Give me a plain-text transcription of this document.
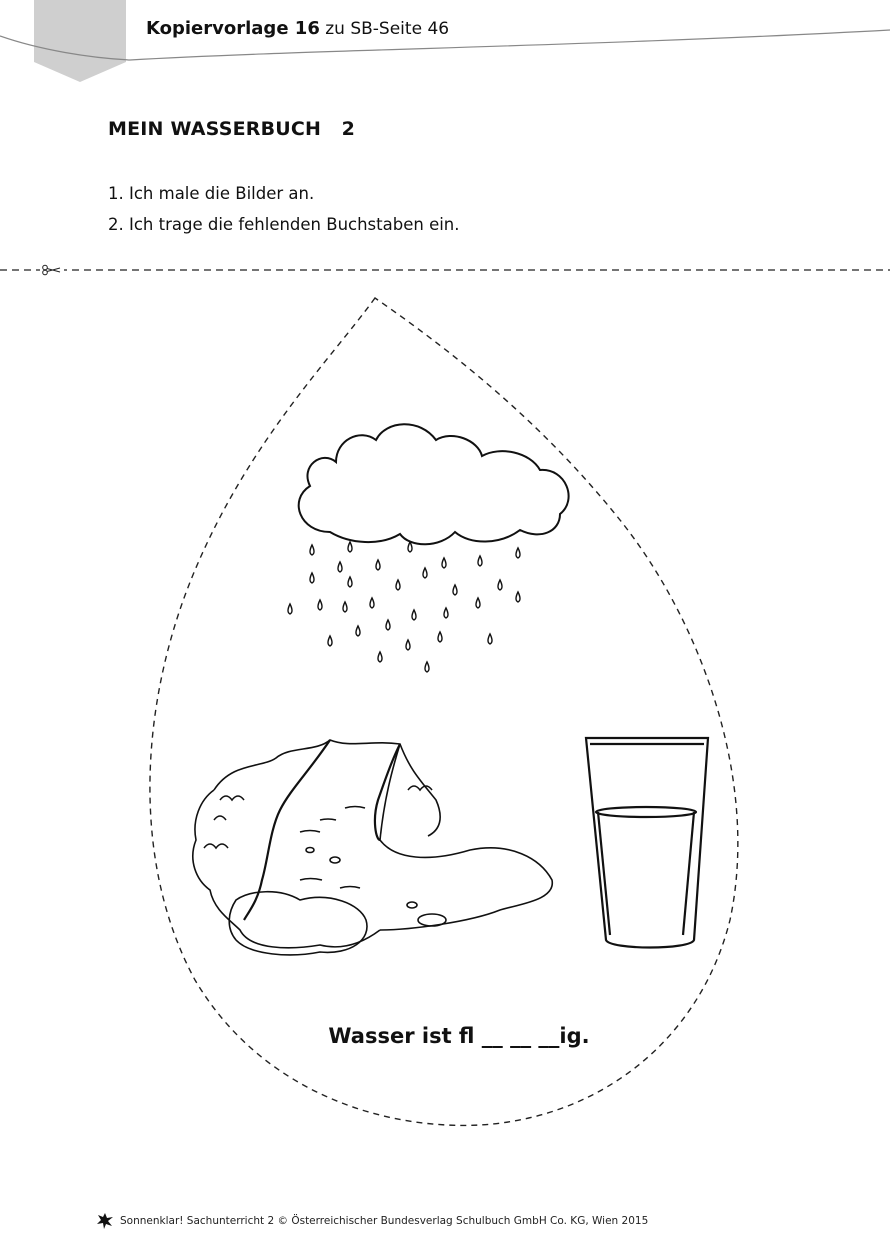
Kopiervorlage 16 zu SB-Seite 46
MEIN WASSERBUCH   2
1. Ich male die Bilder an.
2. Ich trage die fehlenden Buchstaben ein.
Wasser ist fl __ __ __ig.
Sonnenklar! Sachunterricht 2 © Österreichischer Bundesverlag Schulbuch GmbH Co. KG, Wien 2015
